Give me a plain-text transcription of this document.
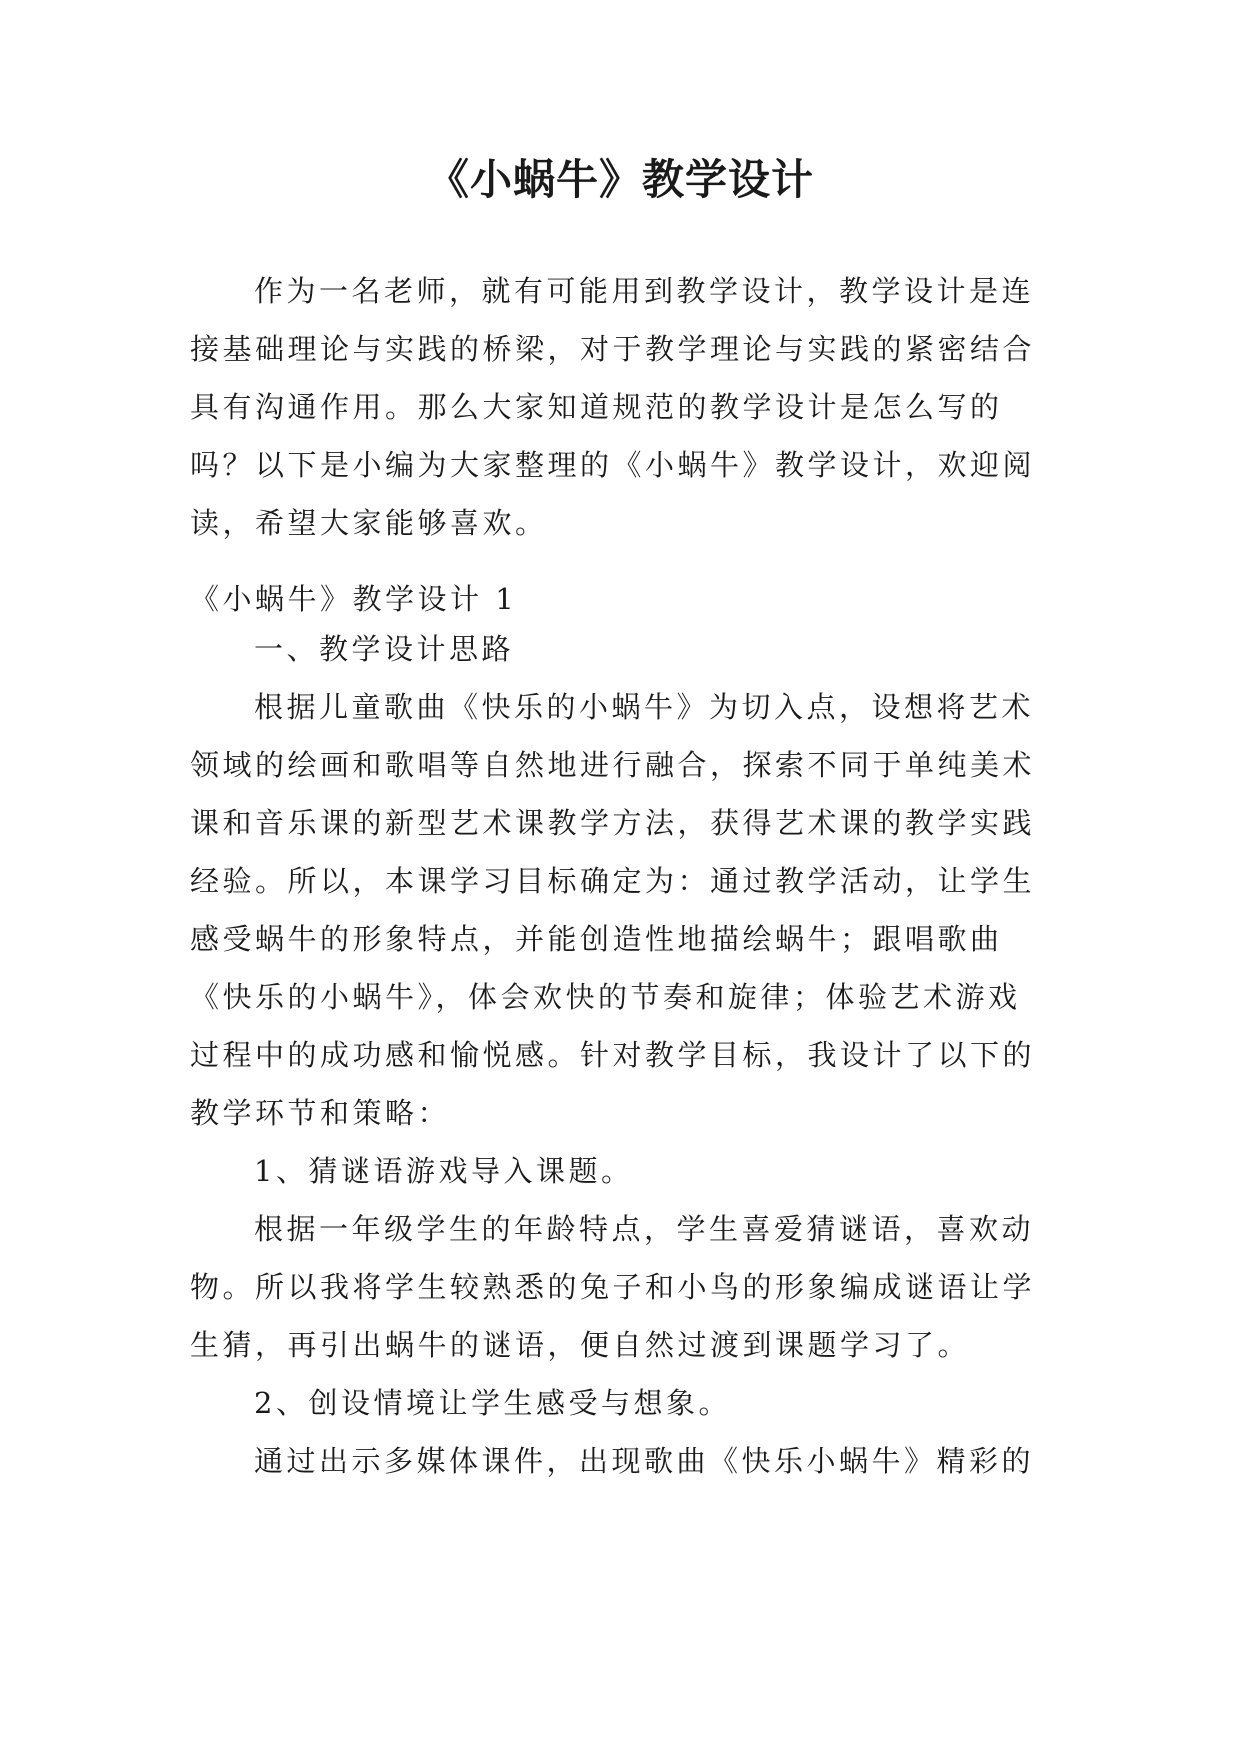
《小蜗牛》教学设计

作为一名老师，就有可能用到教学设计，教学设计是连接基础理论与实践的桥梁，对于教学理论与实践的紧密结合具有沟通作用。那么大家知道规范的教学设计是怎么写的吗？以下是小编为大家整理的《小蜗牛》教学设计，欢迎阅读，希望大家能够喜欢。

《小蜗牛》教学设计 1

一、教学设计思路

根据儿童歌曲《快乐的小蜗牛》为切入点，设想将艺术领域的绘画和歌唱等自然地进行融合，探索不同于单纯美术课和音乐课的新型艺术课教学方法，获得艺术课的教学实践经验。所以，本课学习目标确定为：通过教学活动，让学生感受蜗牛的形象特点，并能创造性地描绘蜗牛；跟唱歌曲《快乐的小蜗牛》，体会欢快的节奏和旋律；体验艺术游戏过程中的成功感和愉悦感。针对教学目标，我设计了以下的教学环节和策略：

1、猜谜语游戏导入课题。

根据一年级学生的年龄特点，学生喜爱猜谜语，喜欢动物。所以我将学生较熟悉的兔子和小鸟的形象编成谜语让学生猜，再引出蜗牛的谜语，便自然过渡到课题学习了。

2、创设情境让学生感受与想象。

通过出示多媒体课件，出现歌曲《快乐小蜗牛》精彩的
